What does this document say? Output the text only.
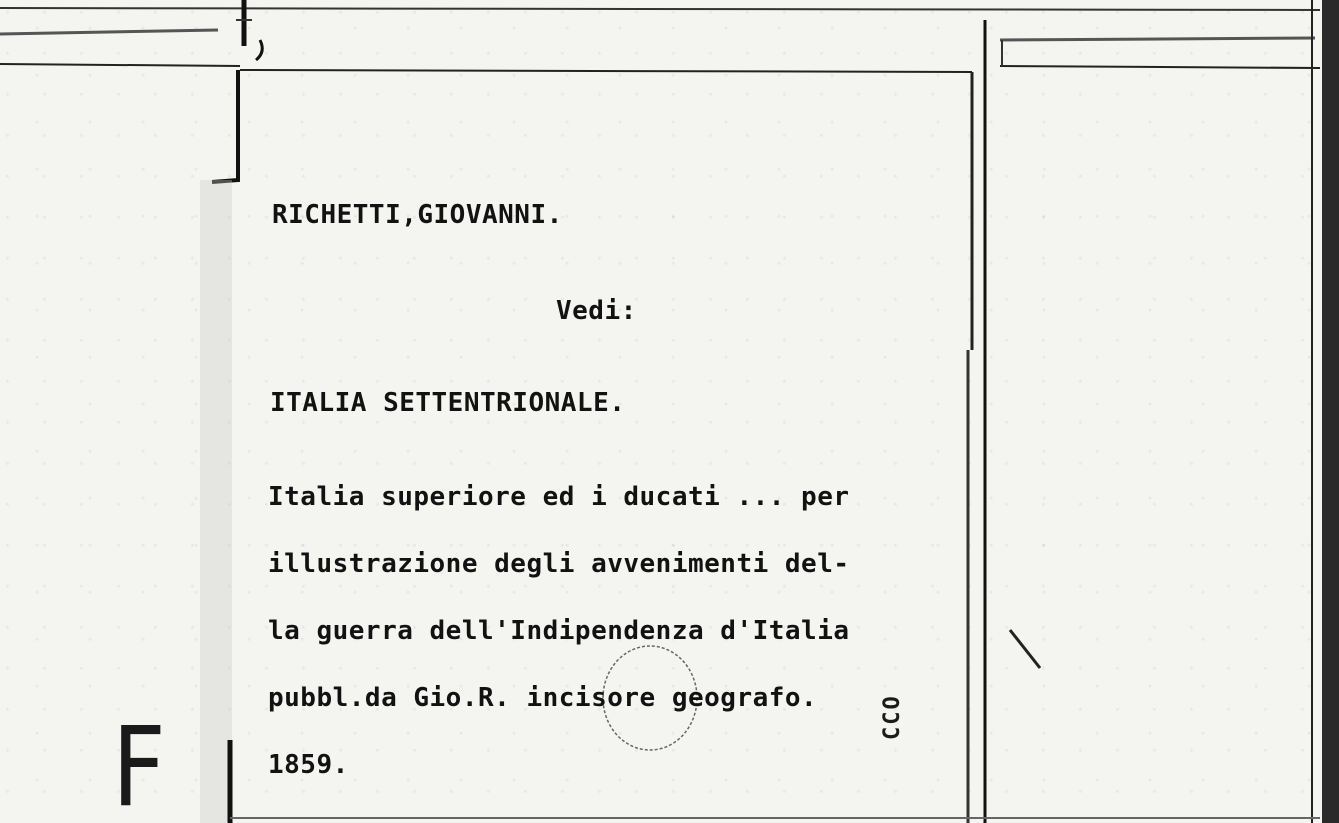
RICHETTI,GIOVANNI.

Vedi:

ITALIA SETTENTRIONALE.

Italia superiore ed i ducati ... per

illustrazione degli avvenimenti del-

la guerra dell'Indipendenza d'Italia

pubbl.da Gio.R. incisore geografo.

1859.

CCO
F
